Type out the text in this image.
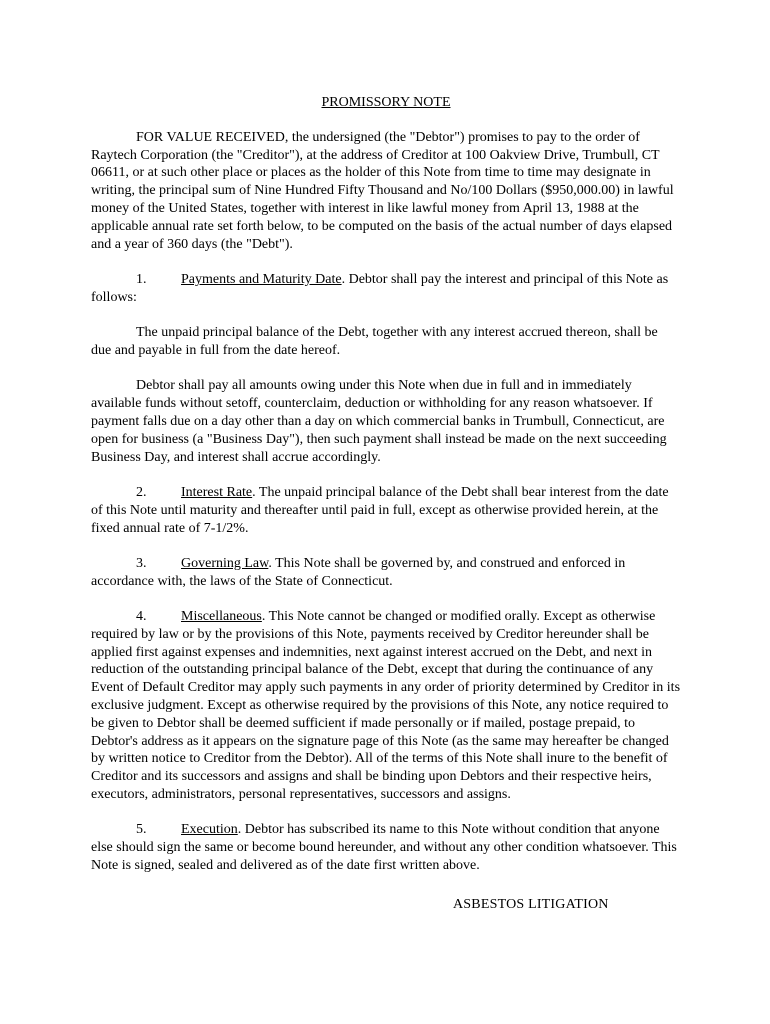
PROMISSORY NOTE

FOR VALUE RECEIVED, the undersigned (the "Debtor") promises to pay to the order of Raytech Corporation (the "Creditor"), at the address of Creditor at 100 Oakview Drive, Trumbull, CT 06611, or at such other place or places as the holder of this Note from time to time may designate in writing, the principal sum of Nine Hundred Fifty Thousand and No/100 Dollars ($950,000.00) in lawful money of the United States, together with interest in like lawful money from April 13, 1988 at the applicable annual rate set forth below, to be computed on the basis of the actual number of days elapsed and a year of 360 days (the "Debt").

1. Payments and Maturity Date. Debtor shall pay the interest and principal of this Note as follows:

The unpaid principal balance of the Debt, together with any interest accrued thereon, shall be due and payable in full from the date hereof.

Debtor shall pay all amounts owing under this Note when due in full and in immediately available funds without setoff, counterclaim, deduction or withholding for any reason whatsoever. If payment falls due on a day other than a day on which commercial banks in Trumbull, Connecticut, are open for business (a "Business Day"), then such payment shall instead be made on the next succeeding Business Day, and interest shall accrue accordingly.

2. Interest Rate. The unpaid principal balance of the Debt shall bear interest from the date of this Note until maturity and thereafter until paid in full, except as otherwise provided herein, at the fixed annual rate of 7-1/2%.

3. Governing Law. This Note shall be governed by, and construed and enforced in accordance with, the laws of the State of Connecticut.

4. Miscellaneous. This Note cannot be changed or modified orally. Except as otherwise required by law or by the provisions of this Note, payments received by Creditor hereunder shall be applied first against expenses and indemnities, next against interest accrued on the Debt, and next in reduction of the outstanding principal balance of the Debt, except that during the continuance of any Event of Default Creditor may apply such payments in any order of priority determined by Creditor in its exclusive judgment. Except as otherwise required by the provisions of this Note, any notice required to be given to Debtor shall be deemed sufficient if made personally or if mailed, postage prepaid, to Debtor's address as it appears on the signature page of this Note (as the same may hereafter be changed by written notice to Creditor from the Debtor). All of the terms of this Note shall inure to the benefit of Creditor and its successors and assigns and shall be binding upon Debtors and their respective heirs, executors, administrators, personal representatives, successors and assigns.

5. Execution. Debtor has subscribed its name to this Note without condition that anyone else should sign the same or become bound hereunder, and without any other condition whatsoever. This Note is signed, sealed and delivered as of the date first written above.

ASBESTOS LITIGATION
